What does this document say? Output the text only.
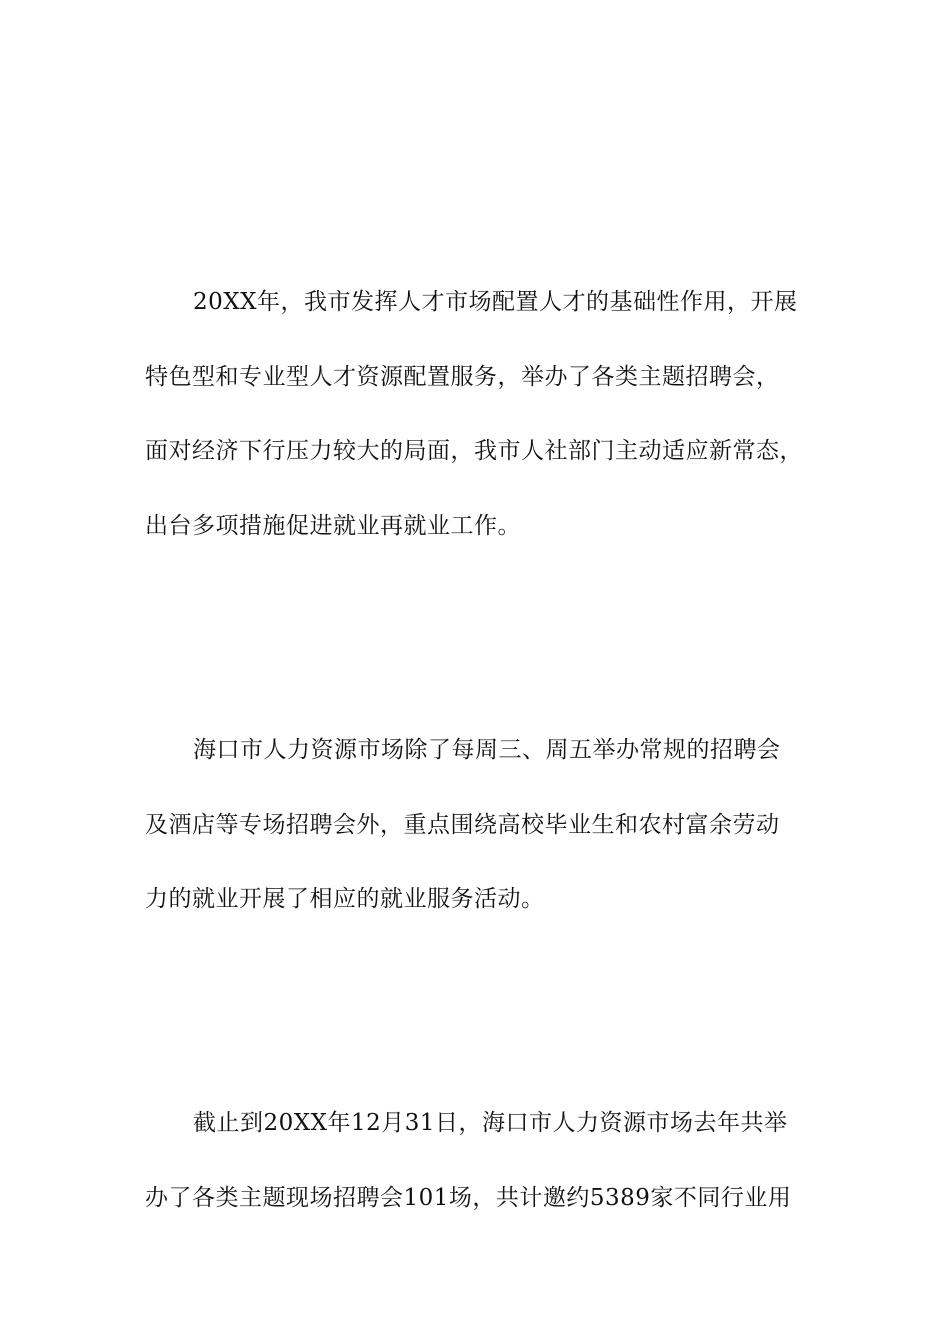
20XX年，我市发挥人才市场配置人才的基础性作用，开展
特色型和专业型人才资源配置服务，举办了各类主题招聘会，
面对经济下行压力较大的局面，我市人社部门主动适应新常态，
出台多项措施促进就业再就业工作。
海口市人力资源市场除了每周三、周五举办常规的招聘会
及酒店等专场招聘会外，重点围绕高校毕业生和农村富余劳动
力的就业开展了相应的就业服务活动。
截止到20XX年12月31日，海口市人力资源市场去年共举
办了各类主题现场招聘会101场，共计邀约5389家不同行业用
